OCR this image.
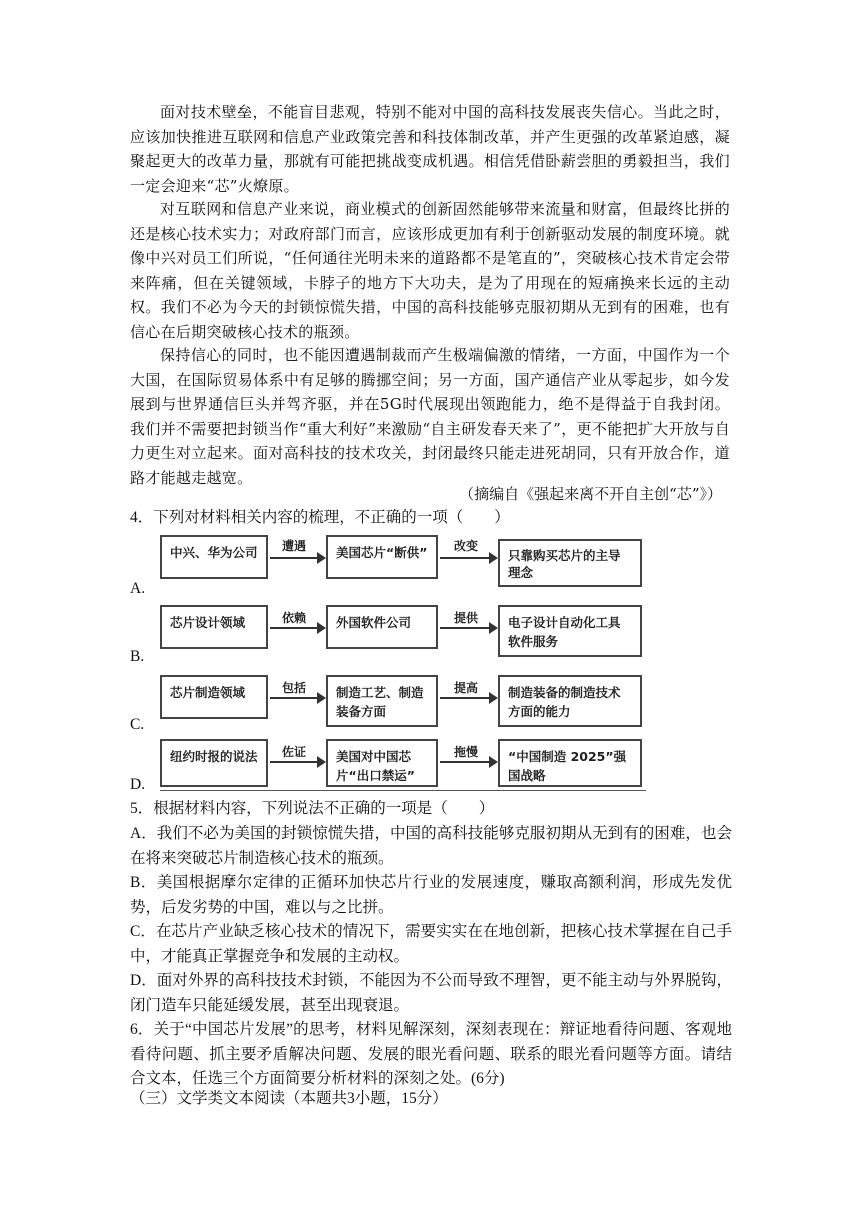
面对技术壁垒，不能盲目悲观，特别不能对中国的高科技发展丧失信心。当此之时，应该加快推进互联网和信息产业政策完善和科技体制改革，并产生更强的改革紧迫感，凝聚起更大的改革力量，那就有可能把挑战变成机遇。相信凭借卧薪尝胆的勇毅担当，我们一定会迎来“芯”火燎原。

对互联网和信息产业来说，商业模式的创新固然能够带来流量和财富，但最终比拼的还是核心技术实力；对政府部门而言，应该形成更加有利于创新驱动发展的制度环境。就像中兴对员工们所说，“任何通往光明未来的道路都不是笔直的”，突破核心技术肯定会带来阵痛，但在关键领域，卡脖子的地方下大功夫，是为了用现在的短痛换来长远的主动权。我们不必为今天的封锁惊慌失措，中国的高科技能够克服初期从无到有的困难，也有信心在后期突破核心技术的瓶颈。

保持信心的同时，也不能因遭遇制裁而产生极端偏激的情绪，一方面，中国作为一个大国，在国际贸易体系中有足够的腾挪空间；另一方面，国产通信产业从零起步，如今发展到与世界通信巨头并驾齐驱，并在5G时代展现出领跑能力，绝不是得益于自我封闭。我们并不需要把封锁当作“重大利好”来激励“自主研发春天来了”，更不能把扩大开放与自力更生对立起来。面对高科技的技术攻关，封闭最终只能走进死胡同，只有开放合作，道路才能越走越宽。

（摘编自《强起来离不开自主创“芯”》）

4．下列对材料相关内容的梳理，不正确的一项（　　）

A.
中兴、华为公司	遭遇	美国芯片“断供”	改变
只靠购买芯片的主导理念
B.
芯片设计领域	依赖	外国软件公司	提供	电子设计自动化工具软件服务
C.
芯片制造领域	包括	制造工艺、制造装备方面
提高	制造装备的制造技术方面的能力
D.
纽约时报的说法	佐证	美国对中国芯片“出口禁运”
拖慢	“中国制造 2025”强国战略

5．根据材料内容，下列说法不正确的一项是（　　）

A．我们不必为美国的封锁惊慌失措，中国的高科技能够克服初期从无到有的困难，也会在将来突破芯片制造核心技术的瓶颈。

B．美国根据摩尔定律的正循环加快芯片行业的发展速度，赚取高额利润，形成先发优势，后发劣势的中国，难以与之比拼。

C．在芯片产业缺乏核心技术的情况下，需要实实在在地创新，把核心技术掌握在自己手中，才能真正掌握竞争和发展的主动权。

D．面对外界的高科技技术封锁，不能因为不公而导致不理智，更不能主动与外界脱钩，闭门造车只能延缓发展，甚至出现衰退。

6．关于“中国芯片发展”的思考，材料见解深刻，深刻表现在：辩证地看待问题、客观地看待问题、抓主要矛盾解决问题、发展的眼光看问题、联系的眼光看问题等方面。请结合文本，任选三个方面简要分析材料的深刻之处。(6分)

（三）文学类文本阅读（本题共3小题，15分）
